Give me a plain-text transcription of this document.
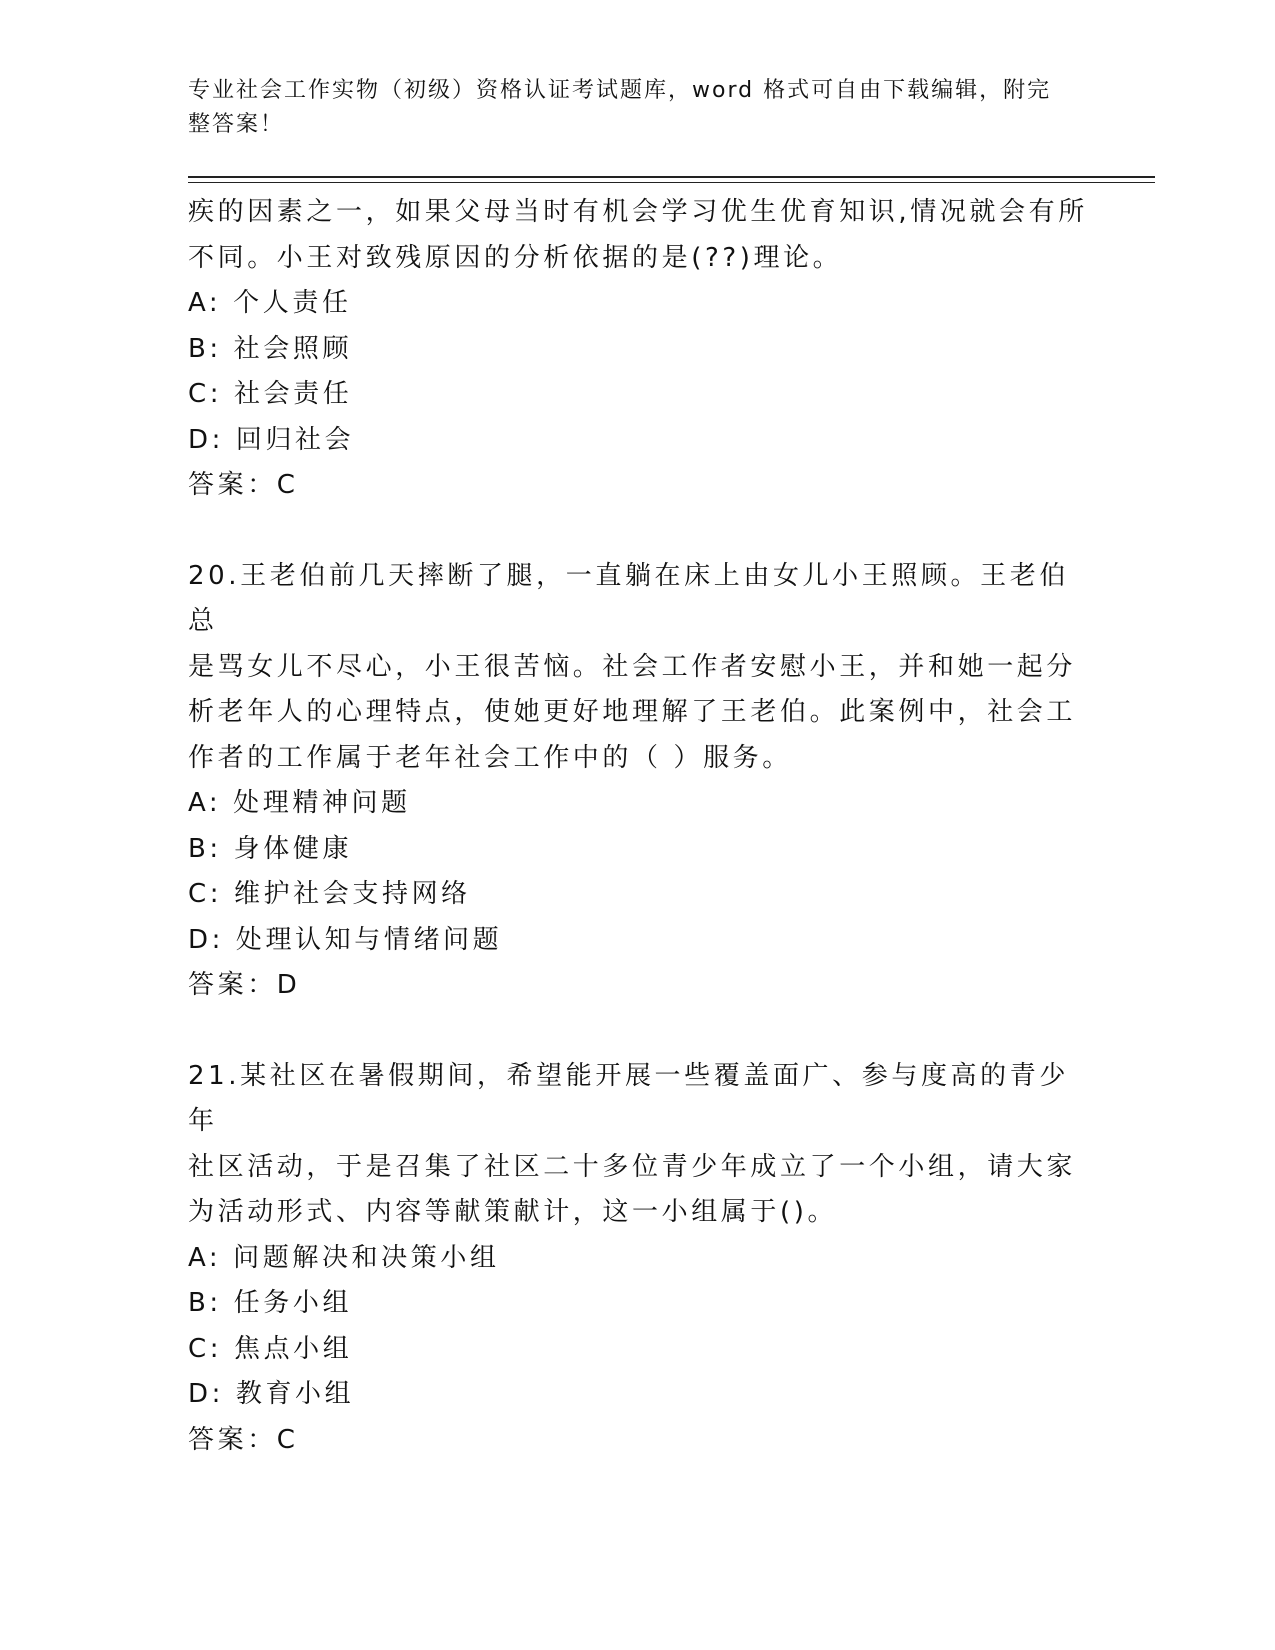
专业社会工作实物（初级）资格认证考试题库，word 格式可自由下载编辑，附完整答案！

疾的因素之一，如果父母当时有机会学习优生优育知识,情况就会有所

不同。小王对致残原因的分析依据的是(??)理论。

A: 个人责任

B: 社会照顾

C: 社会责任

D: 回归社会

答案：C

20.王老伯前几天摔断了腿，一直躺在床上由女儿小王照顾。王老伯总

是骂女儿不尽心，小王很苦恼。社会工作者安慰小王，并和她一起分

析老年人的心理特点，使她更好地理解了王老伯。此案例中，社会工

作者的工作属于老年社会工作中的（ ）服务。

A: 处理精神问题

B: 身体健康

C: 维护社会支持网络

D: 处理认知与情绪问题

答案：D

21.某社区在暑假期间，希望能开展一些覆盖面广、参与度高的青少年

社区活动，于是召集了社区二十多位青少年成立了一个小组，请大家

为活动形式、内容等献策献计，这一小组属于()。

A: 问题解决和决策小组

B: 任务小组

C: 焦点小组

D: 教育小组

答案：C
